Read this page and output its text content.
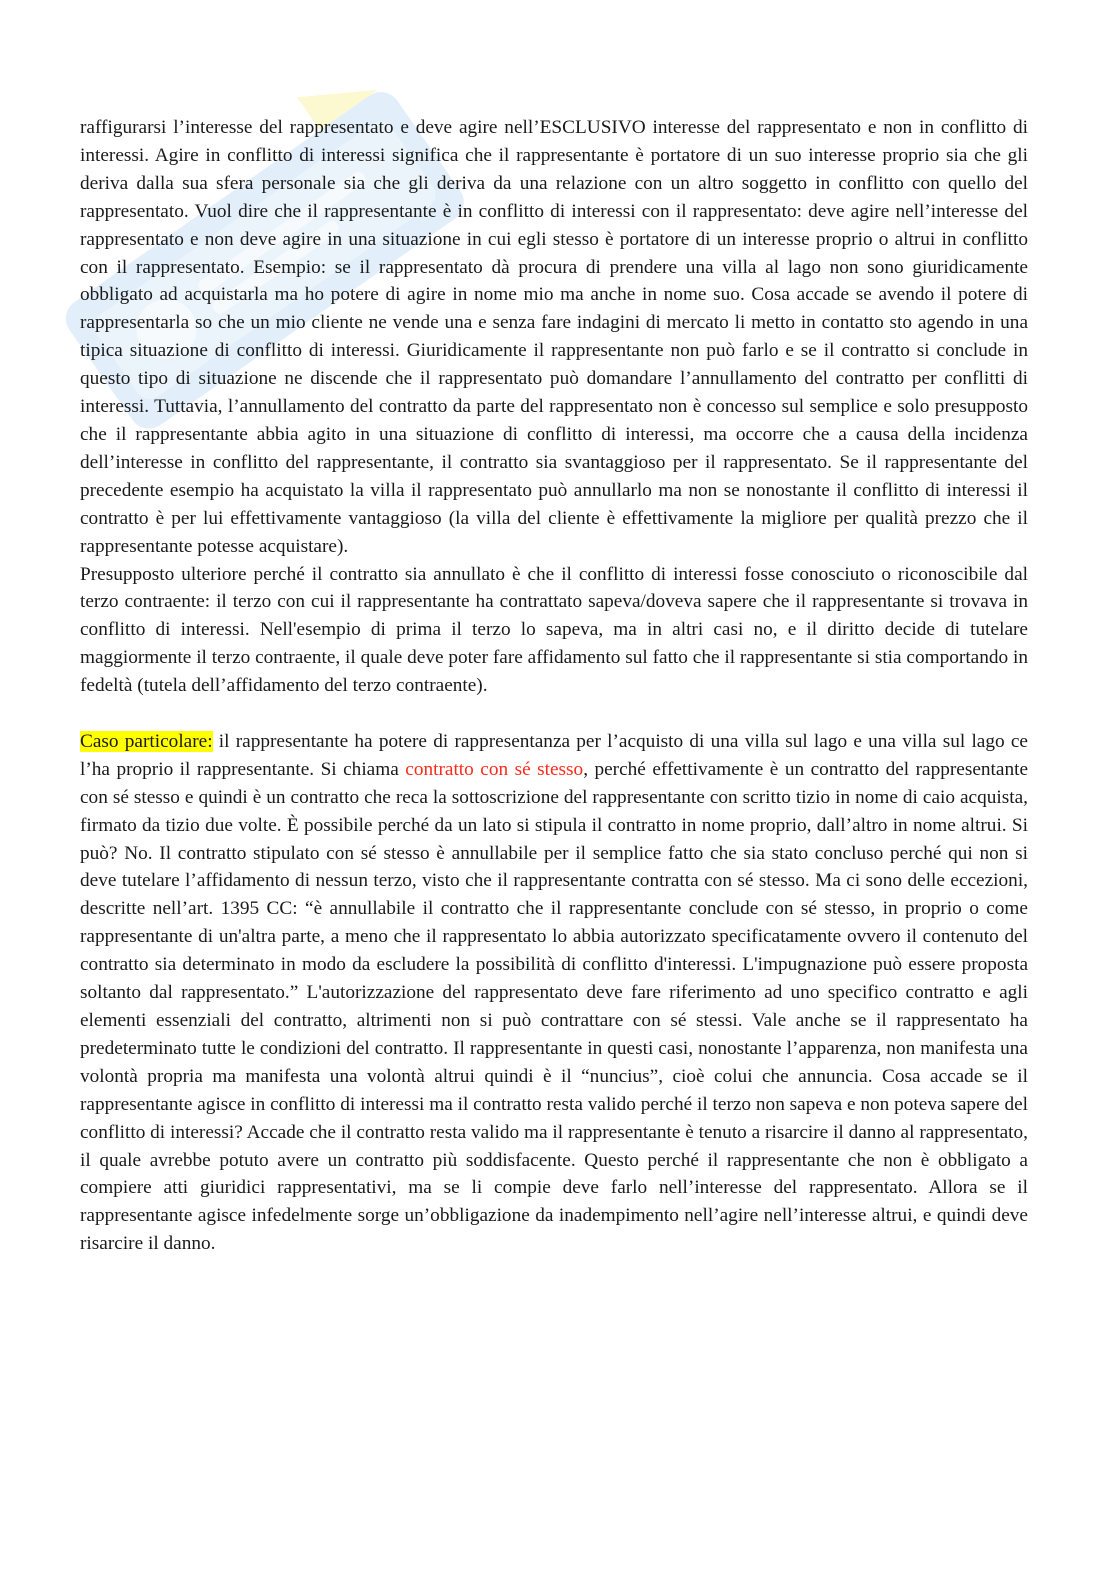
raffigurarsi l’interesse del rappresentato e deve agire nell’ESCLUSIVO interesse del rappresentato e non in conflitto di interessi. Agire in conflitto di interessi significa che il rappresentante è portatore di un suo interesse proprio sia che gli deriva dalla sua sfera personale sia che gli deriva da una relazione con un altro soggetto in conflitto con quello del rappresentato. Vuol dire che il rappresentante è in conflitto di interessi con il rappresentato: deve agire nell’interesse del rappresentato e non deve agire in una situazione in cui egli stesso è portatore di un interesse proprio o altrui in conflitto con il rappresentato. Esempio: se il rappresentato dà procura di prendere una villa al lago non sono giuridicamente obbligato ad acquistarla ma ho potere di agire in nome mio ma anche in nome suo. Cosa accade se avendo il potere di rappresentarla so che un mio cliente ne vende una e senza fare indagini di mercato li metto in contatto sto agendo in una tipica situazione di conflitto di interessi. Giuridicamente il rappresentante non può farlo e se il contratto si conclude in questo tipo di situazione ne discende che il rappresentato può domandare l’annullamento del contratto per conflitti di interessi. Tuttavia, l’annullamento del contratto da parte del rappresentato non è concesso sul semplice e solo presupposto che il rappresentante abbia agito in una situazione di conflitto di interessi, ma occorre che a causa della incidenza dell’interesse in conflitto del rappresentante, il contratto sia svantaggioso per il rappresentato. Se il rappresentante del precedente esempio ha acquistato la villa il rappresentato può annullarlo ma non se nonostante il conflitto di interessi il contratto è per lui effettivamente vantaggioso (la villa del cliente è effettivamente la migliore per qualità prezzo che il rappresentante potesse acquistare).

Presupposto ulteriore perché il contratto sia annullato è che il conflitto di interessi fosse conosciuto o riconoscibile dal terzo contraente: il terzo con cui il rappresentante ha contrattato sapeva/doveva sapere che il rappresentante si trovava in conflitto di interessi. Nell'esempio di prima il terzo lo sapeva, ma in altri casi no, e il diritto decide di tutelare maggiormente il terzo contraente, il quale deve poter fare affidamento sul fatto che il rappresentante si stia comportando in fedeltà (tutela dell’affidamento del terzo contraente).

Caso particolare: il rappresentante ha potere di rappresentanza per l’acquisto di una villa sul lago e una villa sul lago ce l’ha proprio il rappresentante. Si chiama contratto con sé stesso, perché effettivamente è un contratto del rappresentante con sé stesso e quindi è un contratto che reca la sottoscrizione del rappresentante con scritto tizio in nome di caio acquista, firmato da tizio due volte. È possibile perché da un lato si stipula il contratto in nome proprio, dall’altro in nome altrui. Si può? No. Il contratto stipulato con sé stesso è annullabile per il semplice fatto che sia stato concluso perché qui non si deve tutelare l’affidamento di nessun terzo, visto che il rappresentante contratta con sé stesso. Ma ci sono delle eccezioni, descritte nell’art. 1395 CC: “è annullabile il contratto che il rappresentante conclude con sé stesso, in proprio o come rappresentante di un'altra parte, a meno che il rappresentato lo abbia autorizzato specificatamente ovvero il contenuto del contratto sia determinato in modo da escludere la possibilità di conflitto d'interessi. L'impugnazione può essere proposta soltanto dal rappresentato.” L'autorizzazione del rappresentato deve fare riferimento ad uno specifico contratto e agli elementi essenziali del contratto, altrimenti non si può contrattare con sé stessi. Vale anche se il rappresentato ha predeterminato tutte le condizioni del contratto. Il rappresentante in questi casi, nonostante l’apparenza, non manifesta una volontà propria ma manifesta una volontà altrui quindi è il “nuncius”, cioè colui che annuncia. Cosa accade se il rappresentante agisce in conflitto di interessi ma il contratto resta valido perché il terzo non sapeva e non poteva sapere del conflitto di interessi? Accade che il contratto resta valido ma il rappresentante è tenuto a risarcire il danno al rappresentato, il quale avrebbe potuto avere un contratto più soddisfacente. Questo perché il rappresentante che non è obbligato a compiere atti giuridici rappresentativi, ma se li compie deve farlo nell’interesse del rappresentato. Allora se il rappresentante agisce infedelmente sorge un’obbligazione da inadempimento nell’agire nell’interesse altrui, e quindi deve risarcire il danno.
